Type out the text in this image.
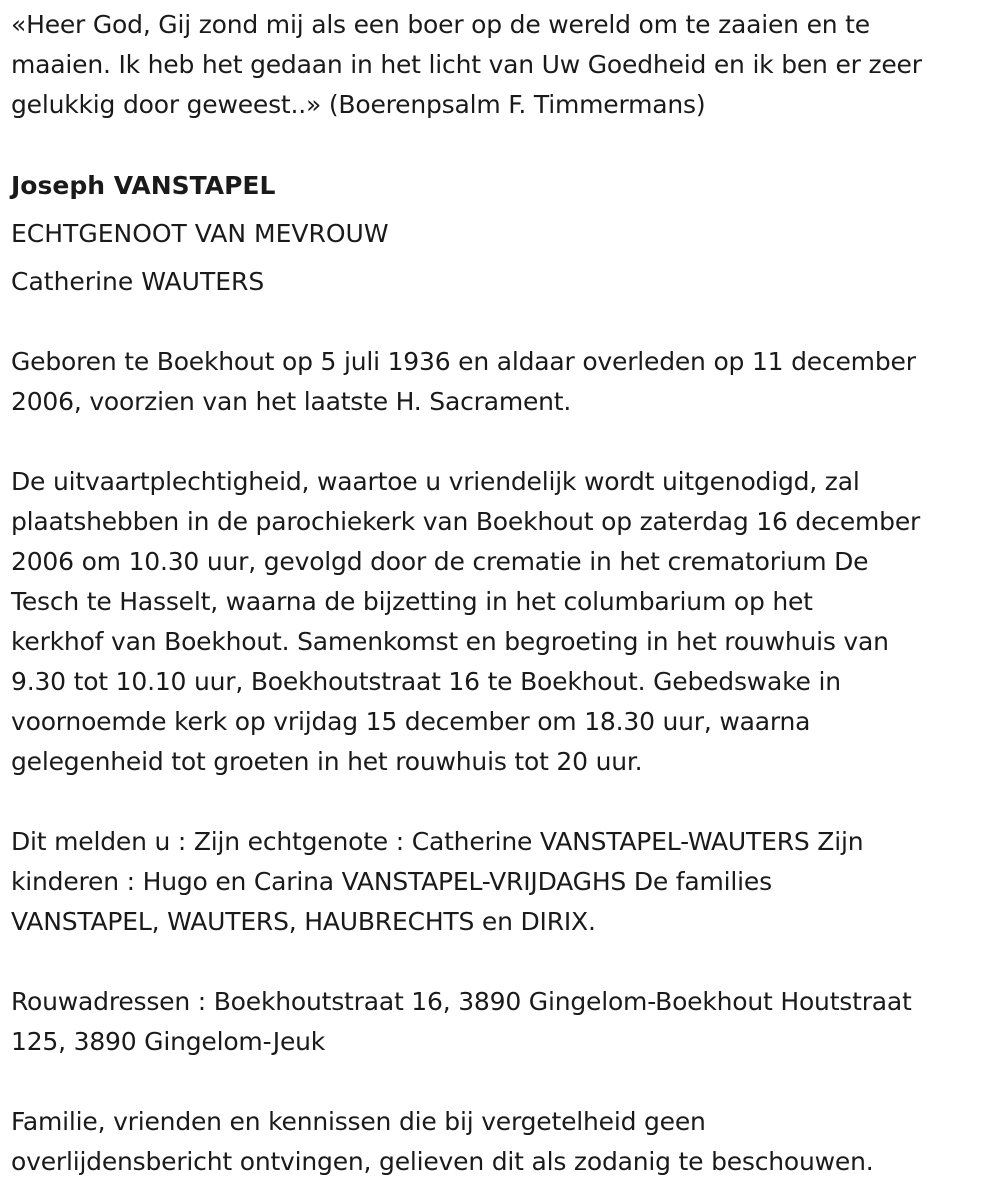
«Heer God, Gij zond mij als een boer op de wereld om te zaaien en te
maaien. Ik heb het gedaan in het licht van Uw Goedheid en ik ben er zeer
gelukkig door geweest..» (Boerenpsalm F. Timmermans)

Joseph VANSTAPEL
ECHTGENOOT VAN MEVROUW
Catherine WAUTERS

Geboren te Boekhout op 5 juli 1936 en aldaar overleden op 11 december
2006, voorzien van het laatste H. Sacrament.

De uitvaartplechtigheid, waartoe u vriendelijk wordt uitgenodigd, zal
plaatshebben in de parochiekerk van Boekhout op zaterdag 16 december
2006 om 10.30 uur, gevolgd door de crematie in het crematorium De
Tesch te Hasselt, waarna de bijzetting in het columbarium op het
kerkhof van Boekhout. Samenkomst en begroeting in het rouwhuis van
9.30 tot 10.10 uur, Boekhoutstraat 16 te Boekhout. Gebedswake in
voornoemde kerk op vrijdag 15 december om 18.30 uur, waarna
gelegenheid tot groeten in het rouwhuis tot 20 uur.

Dit melden u : Zijn echtgenote : Catherine VANSTAPEL-WAUTERS Zijn
kinderen : Hugo en Carina VANSTAPEL-VRIJDAGHS De families
VANSTAPEL, WAUTERS, HAUBRECHTS en DIRIX.

Rouwadressen : Boekhoutstraat 16, 3890 Gingelom-Boekhout Houtstraat
125, 3890 Gingelom-Jeuk

Familie, vrienden en kennissen die bij vergetelheid geen
overlijdensbericht ontvingen, gelieven dit als zodanig te beschouwen.
